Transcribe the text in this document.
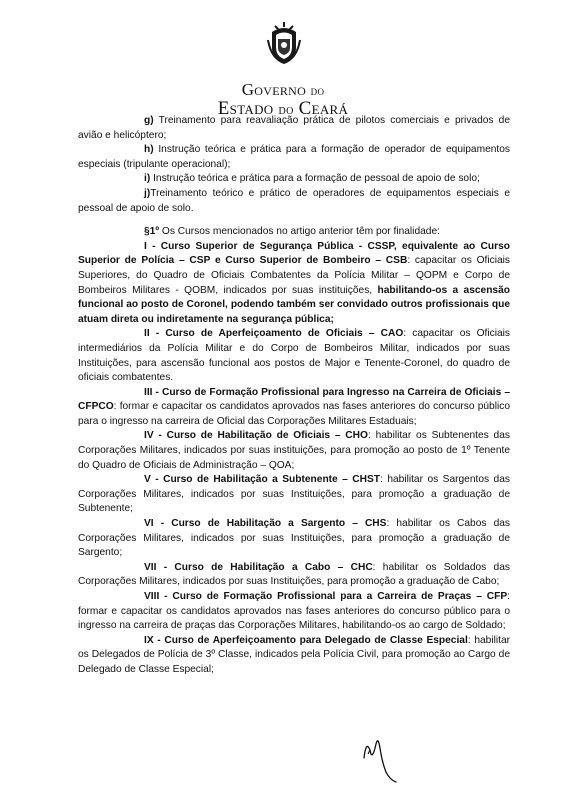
Governo do
Estado do Ceará

g) Treinamento para reavaliação prática de pilotos comerciais e privados de avião e helicóptero;

h) Instrução teórica e prática para a formação de operador de equipamentos especiais (tripulante operacional);

i) Instrução teórica e prática para a formação de pessoal de apoio de solo;

j)Treinamento teórico e prático de operadores de equipamentos especiais e pessoal de apoio de solo.

§1º Os Cursos mencionados no artigo anterior têm por finalidade:

I - Curso Superior de Segurança Pública - CSSP, equivalente ao Curso Superior de Polícia – CSP e Curso Superior de Bombeiro – CSB: capacitar os Oficiais Superiores, do Quadro de Oficiais Combatentes da Polícia Militar – QOPM e Corpo de Bombeiros Militares - QOBM, indicados por suas instituições, habilitando-os a ascensão funcional ao posto de Coronel, podendo também ser convidado outros profissionais que atuam direta ou indiretamente na segurança pública;

II - Curso de Aperfeiçoamento de Oficiais – CAO: capacitar os Oficiais intermediários da Polícia Militar e do Corpo de Bombeiros Militar, indicados por suas Instituições, para ascensão funcional aos postos de Major e Tenente-Coronel, do quadro de oficiais combatentes.

III - Curso de Formação Profissional para Ingresso na Carreira de Oficiais – CFPCO: formar e capacitar os candidatos aprovados nas fases anteriores do concurso público para o ingresso na carreira de Oficial das Corporações Militares Estaduais;

IV - Curso de Habilitação de Oficiais – CHO: habilitar os Subtenentes das Corporações Militares, indicados por suas instituições, para promoção ao posto de 1º Tenente do Quadro de Oficiais de Administração – QOA;

V - Curso de Habilitação a Subtenente – CHST: habilitar os Sargentos das Corporações Militares, indicados por suas Instituições, para promoção a graduação de Subtenente;

VI - Curso de Habilitação a Sargento – CHS: habilitar os Cabos das Corporações Militares, indicados por suas Instituições, para promoção a graduação de Sargento;

VII - Curso de Habilitação a Cabo – CHC: habilitar os Soldados das Corporações Militares, indicados por suas Instituições, para promoção a graduação de Cabo;

VIII - Curso de Formação Profissional para a Carreira de Praças – CFP: formar e capacitar os candidatos aprovados nas fases anteriores do concurso público para o ingresso na carreira de praças das Corporações Militares, habilitando-os ao cargo de Soldado;

IX - Curso de Aperfeiçoamento para Delegado de Classe Especial: habilitar os Delegados de Polícia de 3º Classe, indicados pela Polícia Civil, para promoção ao Cargo de Delegado de Classe Especial;
